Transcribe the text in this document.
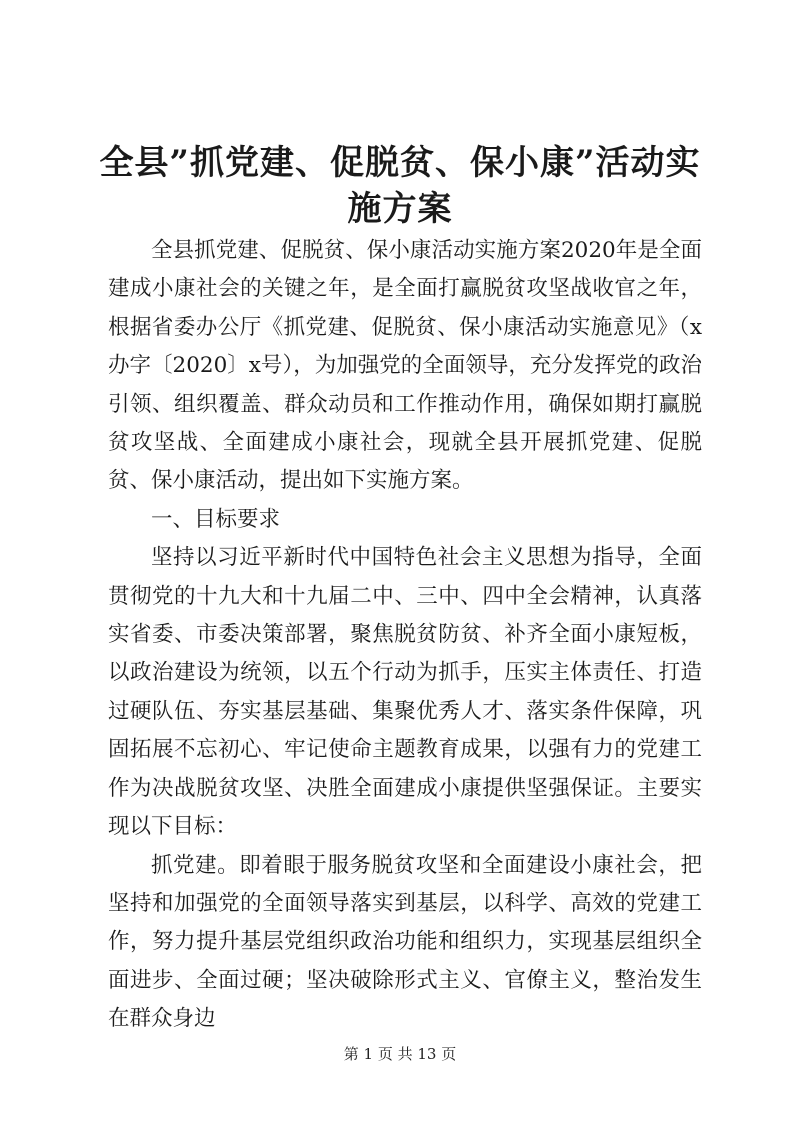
全县”抓党建、促脱贫、保小康”活动实施方案

全县抓党建、促脱贫、保小康活动实施方案2020年是全面建成小康社会的关键之年，是全面打赢脱贫攻坚战收官之年，根据省委办公厅《抓党建、促脱贫、保小康活动实施意见》（x办字〔2020〕x号），为加强党的全面领导，充分发挥党的政治引领、组织覆盖、群众动员和工作推动作用，确保如期打赢脱贫攻坚战、全面建成小康社会，现就全县开展抓党建、促脱贫、保小康活动，提出如下实施方案。

一、目标要求

坚持以习近平新时代中国特色社会主义思想为指导，全面贯彻党的十九大和十九届二中、三中、四中全会精神，认真落实省委、市委决策部署，聚焦脱贫防贫、补齐全面小康短板，以政治建设为统领，以五个行动为抓手，压实主体责任、打造过硬队伍、夯实基层基础、集聚优秀人才、落实条件保障，巩固拓展不忘初心、牢记使命主题教育成果，以强有力的党建工作为决战脱贫攻坚、决胜全面建成小康提供坚强保证。主要实现以下目标：

抓党建。即着眼于服务脱贫攻坚和全面建设小康社会，把坚持和加强党的全面领导落实到基层，以科学、高效的党建工作，努力提升基层党组织政治功能和组织力，实现基层组织全面进步、全面过硬；坚决破除形式主义、官僚主义，整治发生在群众身边

第 1 页 共 13 页
